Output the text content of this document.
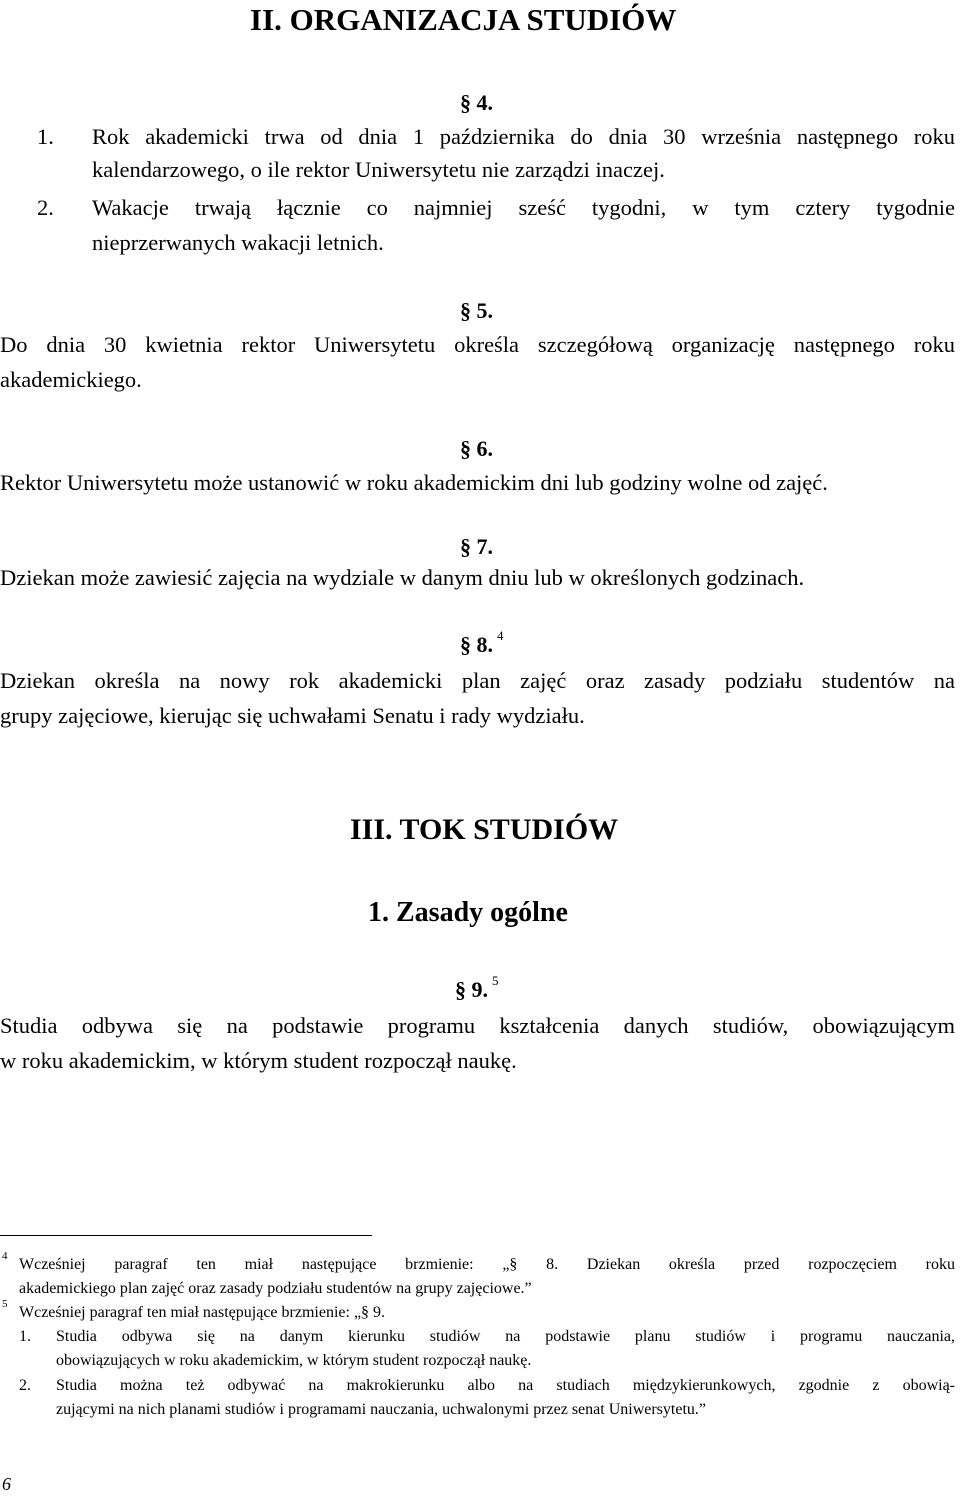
II. ORGANIZACJA STUDIÓW
§ 4.
1. Rok akademicki trwa od dnia 1 października do dnia 30 września następnego roku
kalendarzowego, o ile rektor Uniwersytetu nie zarządzi inaczej.
2. Wakacje trwają łącznie co najmniej sześć tygodni, w tym cztery tygodnie
nieprzerwanych wakacji letnich.
§ 5.
Do dnia 30 kwietnia rektor Uniwersytetu określa szczegółową organizację następnego roku
akademickiego.
§ 6.
Rektor Uniwersytetu może ustanowić w roku akademickim dni lub godziny wolne od zajęć.
§ 7.
Dziekan może zawiesić zajęcia na wydziale w danym dniu lub w określonych godzinach.
§ 8. $^4$
Dziekan określa na nowy rok akademicki plan zajęć oraz zasady podziału studentów na
grupy zajęciowe, kierując się uchwałami Senatu i rady wydziału.
III. TOK STUDIÓW
1. Zasady ogólne
§ 9. $^5$
Studia odbywa się na podstawie programu kształcenia danych studiów, obowiązującym
w roku akademickim, w którym student rozpoczął naukę.
4 Wcześniej paragraf ten miał następujące brzmienie: „§ 8. Dziekan określa przed rozpoczęciem roku
akademickiego plan zajęć oraz zasady podziału studentów na grupy zajęciowe.”
5 Wcześniej paragraf ten miał następujące brzmienie: „§ 9.
1. Studia odbywa się na danym kierunku studiów na podstawie planu studiów i programu nauczania,
obowiązujących w roku akademickim, w którym student rozpoczął naukę.
2. Studia można też odbywać na makrokierunku albo na studiach międzykierunkowych, zgodnie z obowią-
zującymi na nich planami studiów i programami nauczania, uchwalonymi przez senat Uniwersytetu.”
6
